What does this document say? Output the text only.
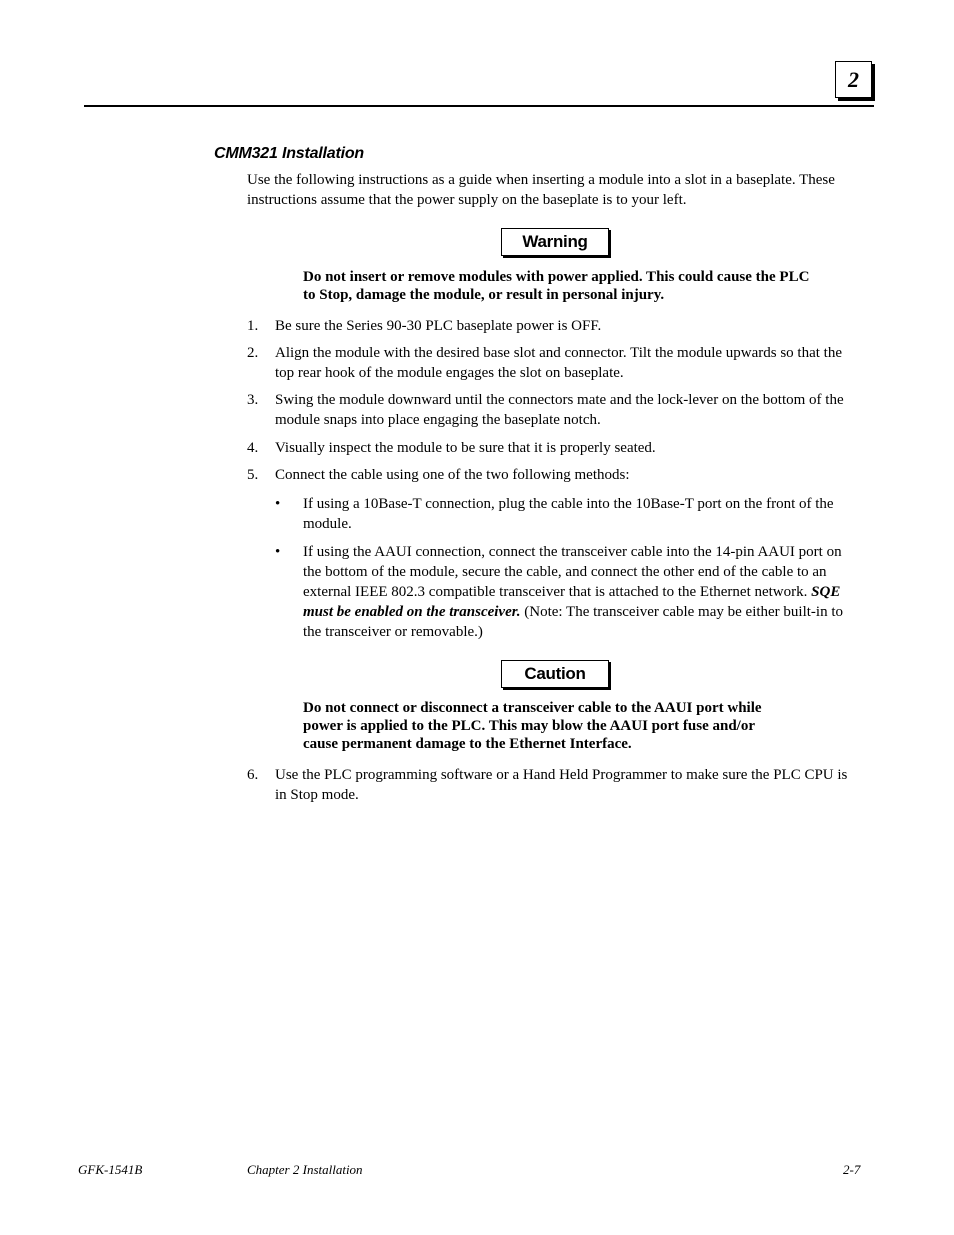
2
CMM321 Installation

Use the following instructions as a guide when inserting a module into a slot in a baseplate. These instructions assume that the power supply on the baseplate is to your left.

Warning

Do not insert or remove modules with power applied. This could cause the PLC to Stop, damage the module, or result in personal injury.

1. Be sure the Series 90-30 PLC baseplate power is OFF.
2. Align the module with the desired base slot and connector. Tilt the module upwards so that the top rear hook of the module engages the slot on baseplate.
3. Swing the module downward until the connectors mate and the lock-lever on the bottom of the module snaps into place engaging the baseplate notch.
4. Visually inspect the module to be sure that it is properly seated.
5. Connect the cable using one of the two following methods:
• If using a 10Base-T connection, plug the cable into the 10Base-T port on the front of the module.
• If using the AAUI connection, connect the transceiver cable into the 14-pin AAUI port on the bottom of the module, secure the cable, and connect the other end of the cable to an external IEEE 802.3 compatible transceiver that is attached to the Ethernet network. SQE must be enabled on the transceiver. (Note: The transceiver cable may be either built-in to the transceiver or removable.)
Caution

Do not connect or disconnect a transceiver cable to the AAUI port while power is applied to the PLC. This may blow the AAUI port fuse and/or cause permanent damage to the Ethernet Interface.

6. Use the PLC programming software or a Hand Held Programmer to make sure the PLC CPU is in Stop mode.
GFK-1541B	Chapter 2 Installation	2-7
